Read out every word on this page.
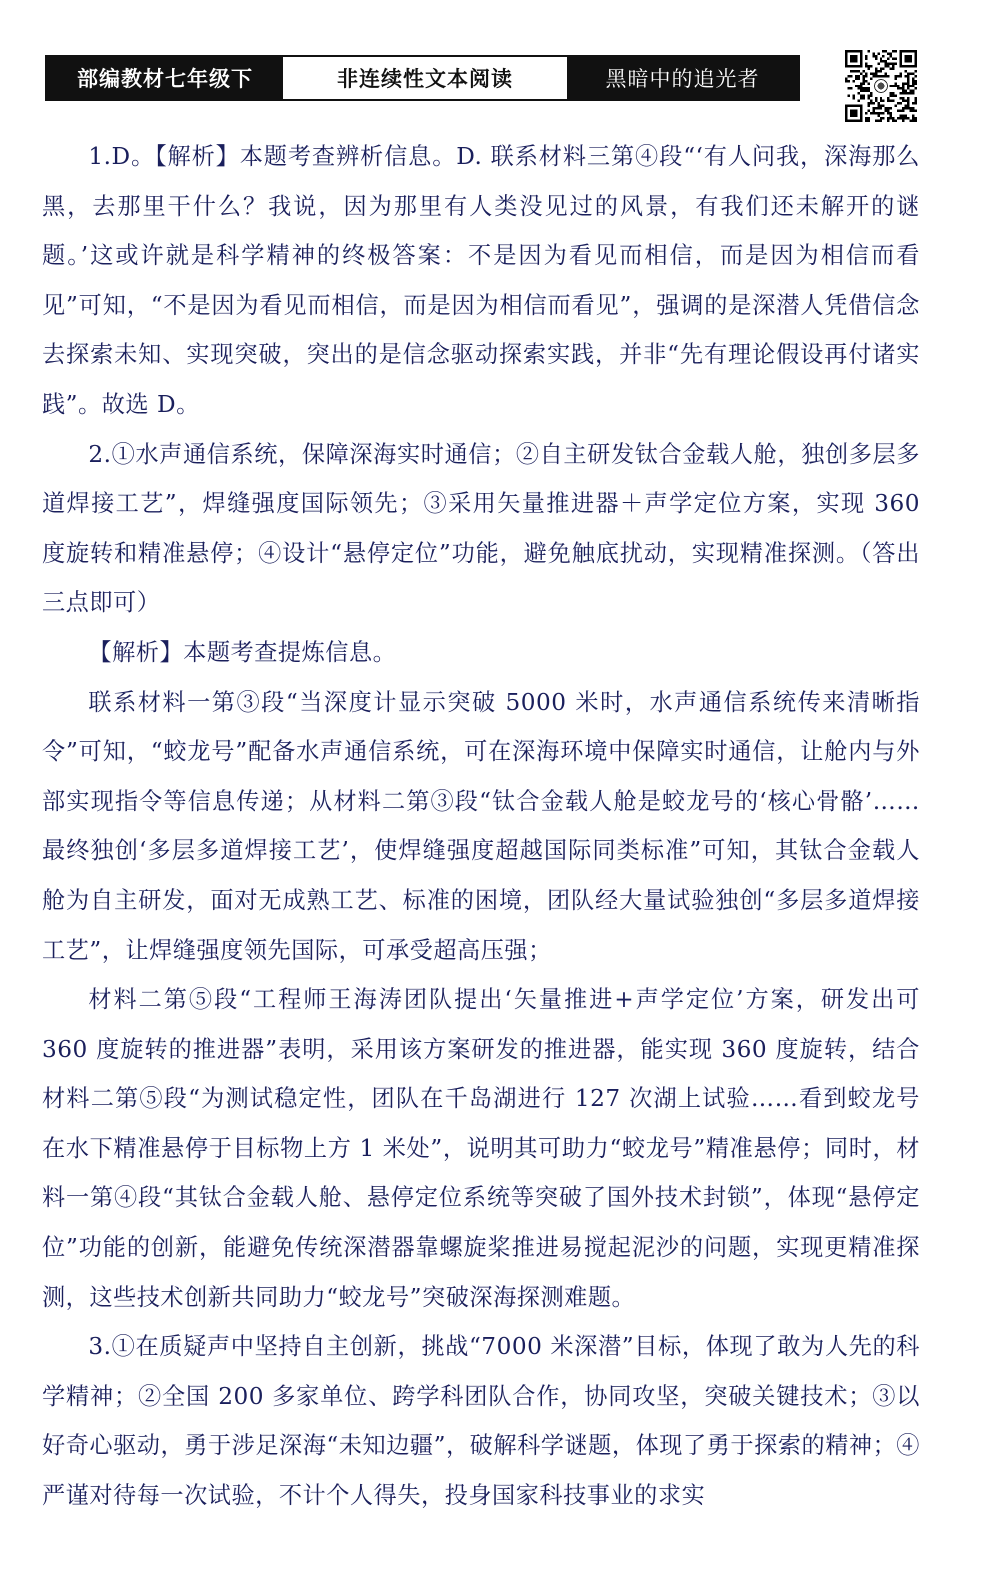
部编教材七年级下	非连续性文本阅读	黑暗中的追光者

1.D。【解析】本题考查辨析信息。D. 联系材料三第④段“‘有人问我，深海那么黑，去那里干什么？我说，因为那里有人类没见过的风景，有我们还未解开的谜题。’这或许就是科学精神的终极答案：不是因为看见而相信，而是因为相信而看见”可知，“不是因为看见而相信，而是因为相信而看见”，强调的是深潜人凭借信念去探索未知、实现突破，突出的是信念驱动探索实践，并非“先有理论假设再付诸实践”。故选 D。

2.①水声通信系统，保障深海实时通信；②自主研发钛合金载人舱，独创多层多道焊接工艺”，焊缝强度国际领先；③采用矢量推进器＋声学定位方案，实现 360 度旋转和精准悬停；④设计“悬停定位”功能，避免触底扰动，实现精准探测。（答出三点即可）

【解析】本题考查提炼信息。

联系材料一第③段“当深度计显示突破 5000 米时，水声通信系统传来清晰指令”可知，“蛟龙号”配备水声通信系统，可在深海环境中保障实时通信，让舱内与外部实现指令等信息传递；从材料二第③段“钛合金载人舱是蛟龙号的‘核心骨骼’……最终独创‘多层多道焊接工艺’，使焊缝强度超越国际同类标准”可知，其钛合金载人舱为自主研发，面对无成熟工艺、标准的困境，团队经大量试验独创“多层多道焊接工艺”，让焊缝强度领先国际，可承受超高压强；

材料二第⑤段“工程师王海涛团队提出‘矢量推进+声学定位’方案，研发出可 360 度旋转的推进器”表明，采用该方案研发的推进器，能实现 360 度旋转，结合材料二第⑤段“为测试稳定性，团队在千岛湖进行 127 次湖上试验……看到蛟龙号在水下精准悬停于目标物上方 1 米处”，说明其可助力“蛟龙号”精准悬停；同时，材料一第④段“其钛合金载人舱、悬停定位系统等突破了国外技术封锁”，体现“悬停定位”功能的创新，能避免传统深潜器靠螺旋桨推进易搅起泥沙的问题，实现更精准探测，这些技术创新共同助力“蛟龙号”突破深海探测难题。

3.①在质疑声中坚持自主创新，挑战“7000 米深潜”目标，体现了敢为人先的科学精神；②全国 200 多家单位、跨学科团队合作，协同攻坚，突破关键技术；③以好奇心驱动，勇于涉足深海“未知边疆”，破解科学谜题，体现了勇于探索的精神；④严谨对待每一次试验，不计个人得失，投身国家科技事业的求实
